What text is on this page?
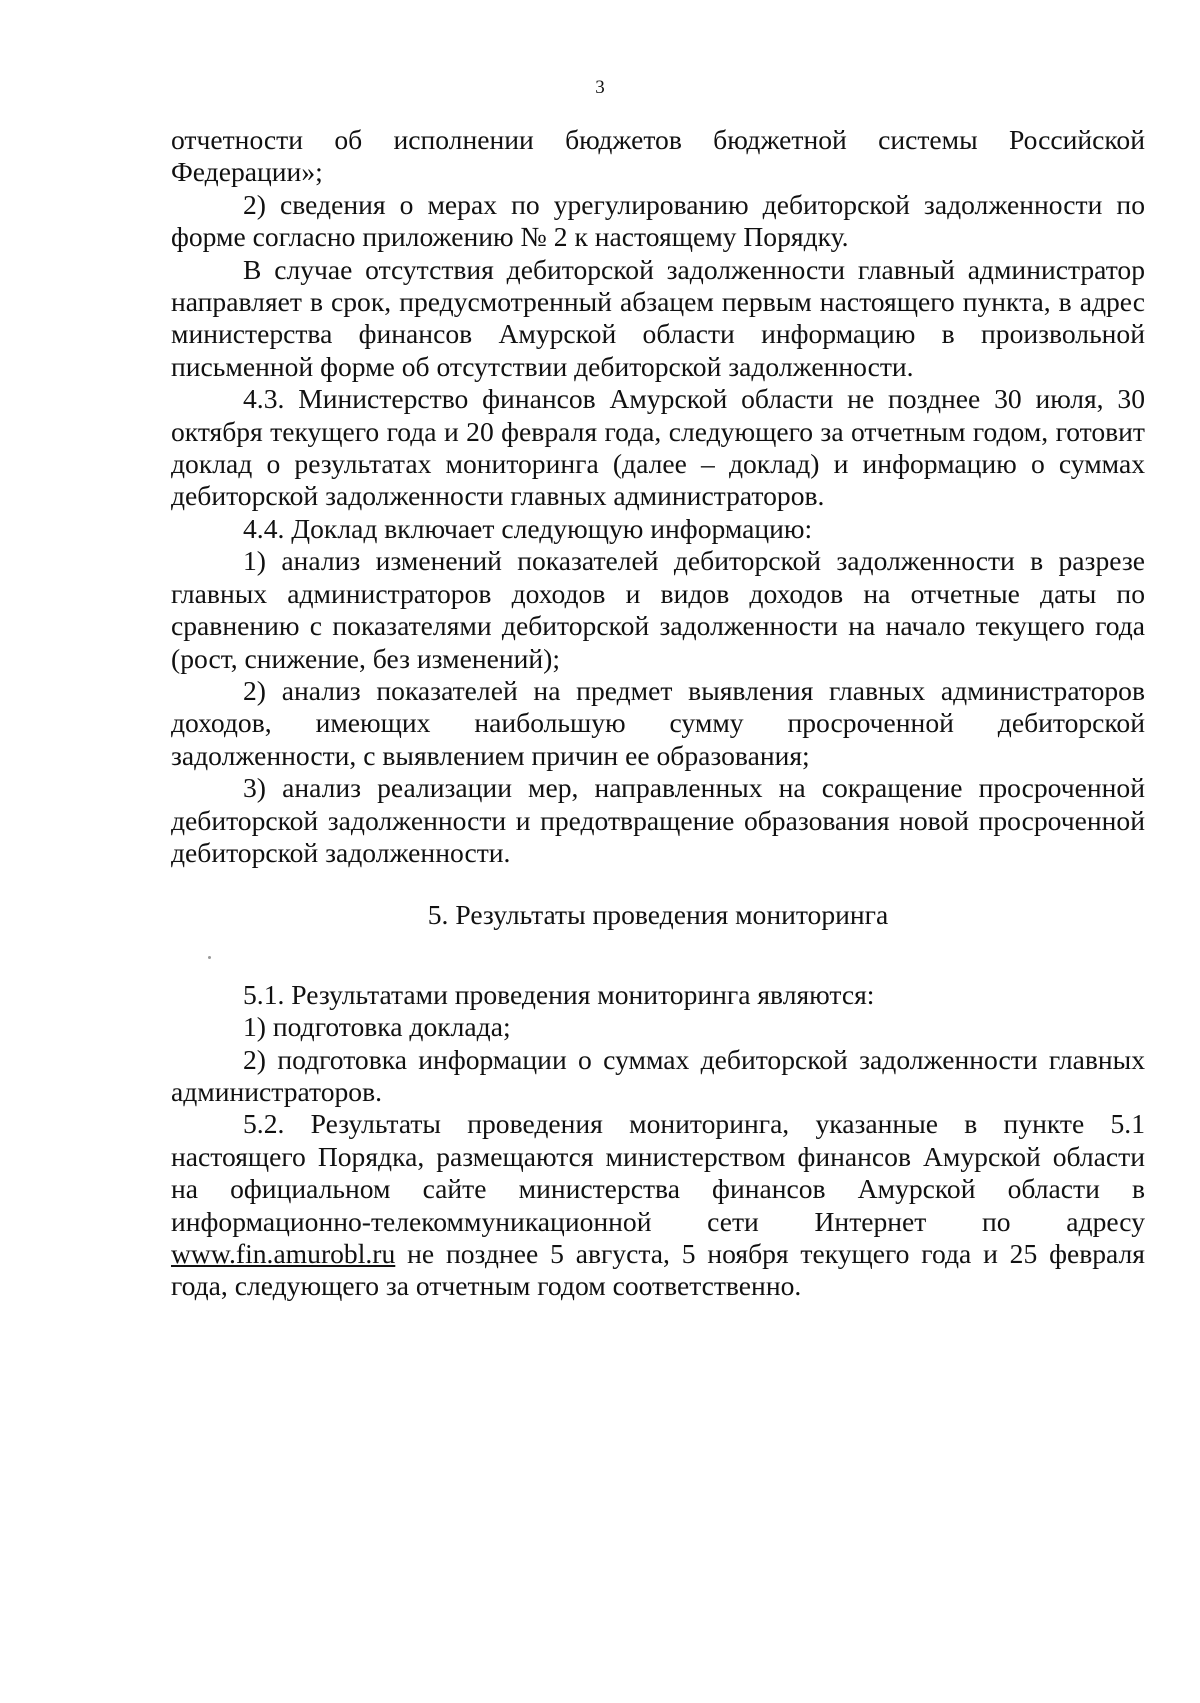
3

отчетности об исполнении бюджетов бюджетной системы Российской Федерации»;

2) сведения о мерах по урегулированию дебиторской задолженности по форме согласно приложению № 2 к настоящему Порядку.

В случае отсутствия дебиторской задолженности главный администратор направляет в срок, предусмотренный абзацем первым настоящего пункта, в адрес министерства финансов Амурской области информацию в произвольной письменной форме об отсутствии дебиторской задолженности.

4.3. Министерство финансов Амурской области не позднее 30 июля, 30 октября текущего года и 20 февраля года, следующего за отчетным годом, готовит доклад о результатах мониторинга (далее – доклад) и информацию о суммах дебиторской задолженности главных администраторов.

4.4. Доклад включает следующую информацию:

1) анализ изменений показателей дебиторской задолженности в разрезе главных администраторов доходов и видов доходов на отчетные даты по сравнению с показателями дебиторской задолженности на начало текущего года (рост, снижение, без изменений);

2) анализ показателей на предмет выявления главных администраторов доходов, имеющих наибольшую сумму просроченной дебиторской задолженности, с выявлением причин ее образования;

3) анализ реализации мер, направленных на сокращение просроченной дебиторской задолженности и предотвращение образования новой просроченной дебиторской задолженности.

5. Результаты проведения мониторинга

5.1. Результатами проведения мониторинга являются:

1) подготовка доклада;

2) подготовка информации о суммах дебиторской задолженности главных администраторов.

5.2. Результаты проведения мониторинга, указанные в пункте 5.1 настоящего Порядка, размещаются министерством финансов Амурской области на официальном сайте министерства финансов Амурской области в информационно-телекоммуникационной сети Интернет по адресу www.fin.amurobl.ru не позднее 5 августа, 5 ноября текущего года и 25 февраля года, следующего за отчетным годом соответственно.
